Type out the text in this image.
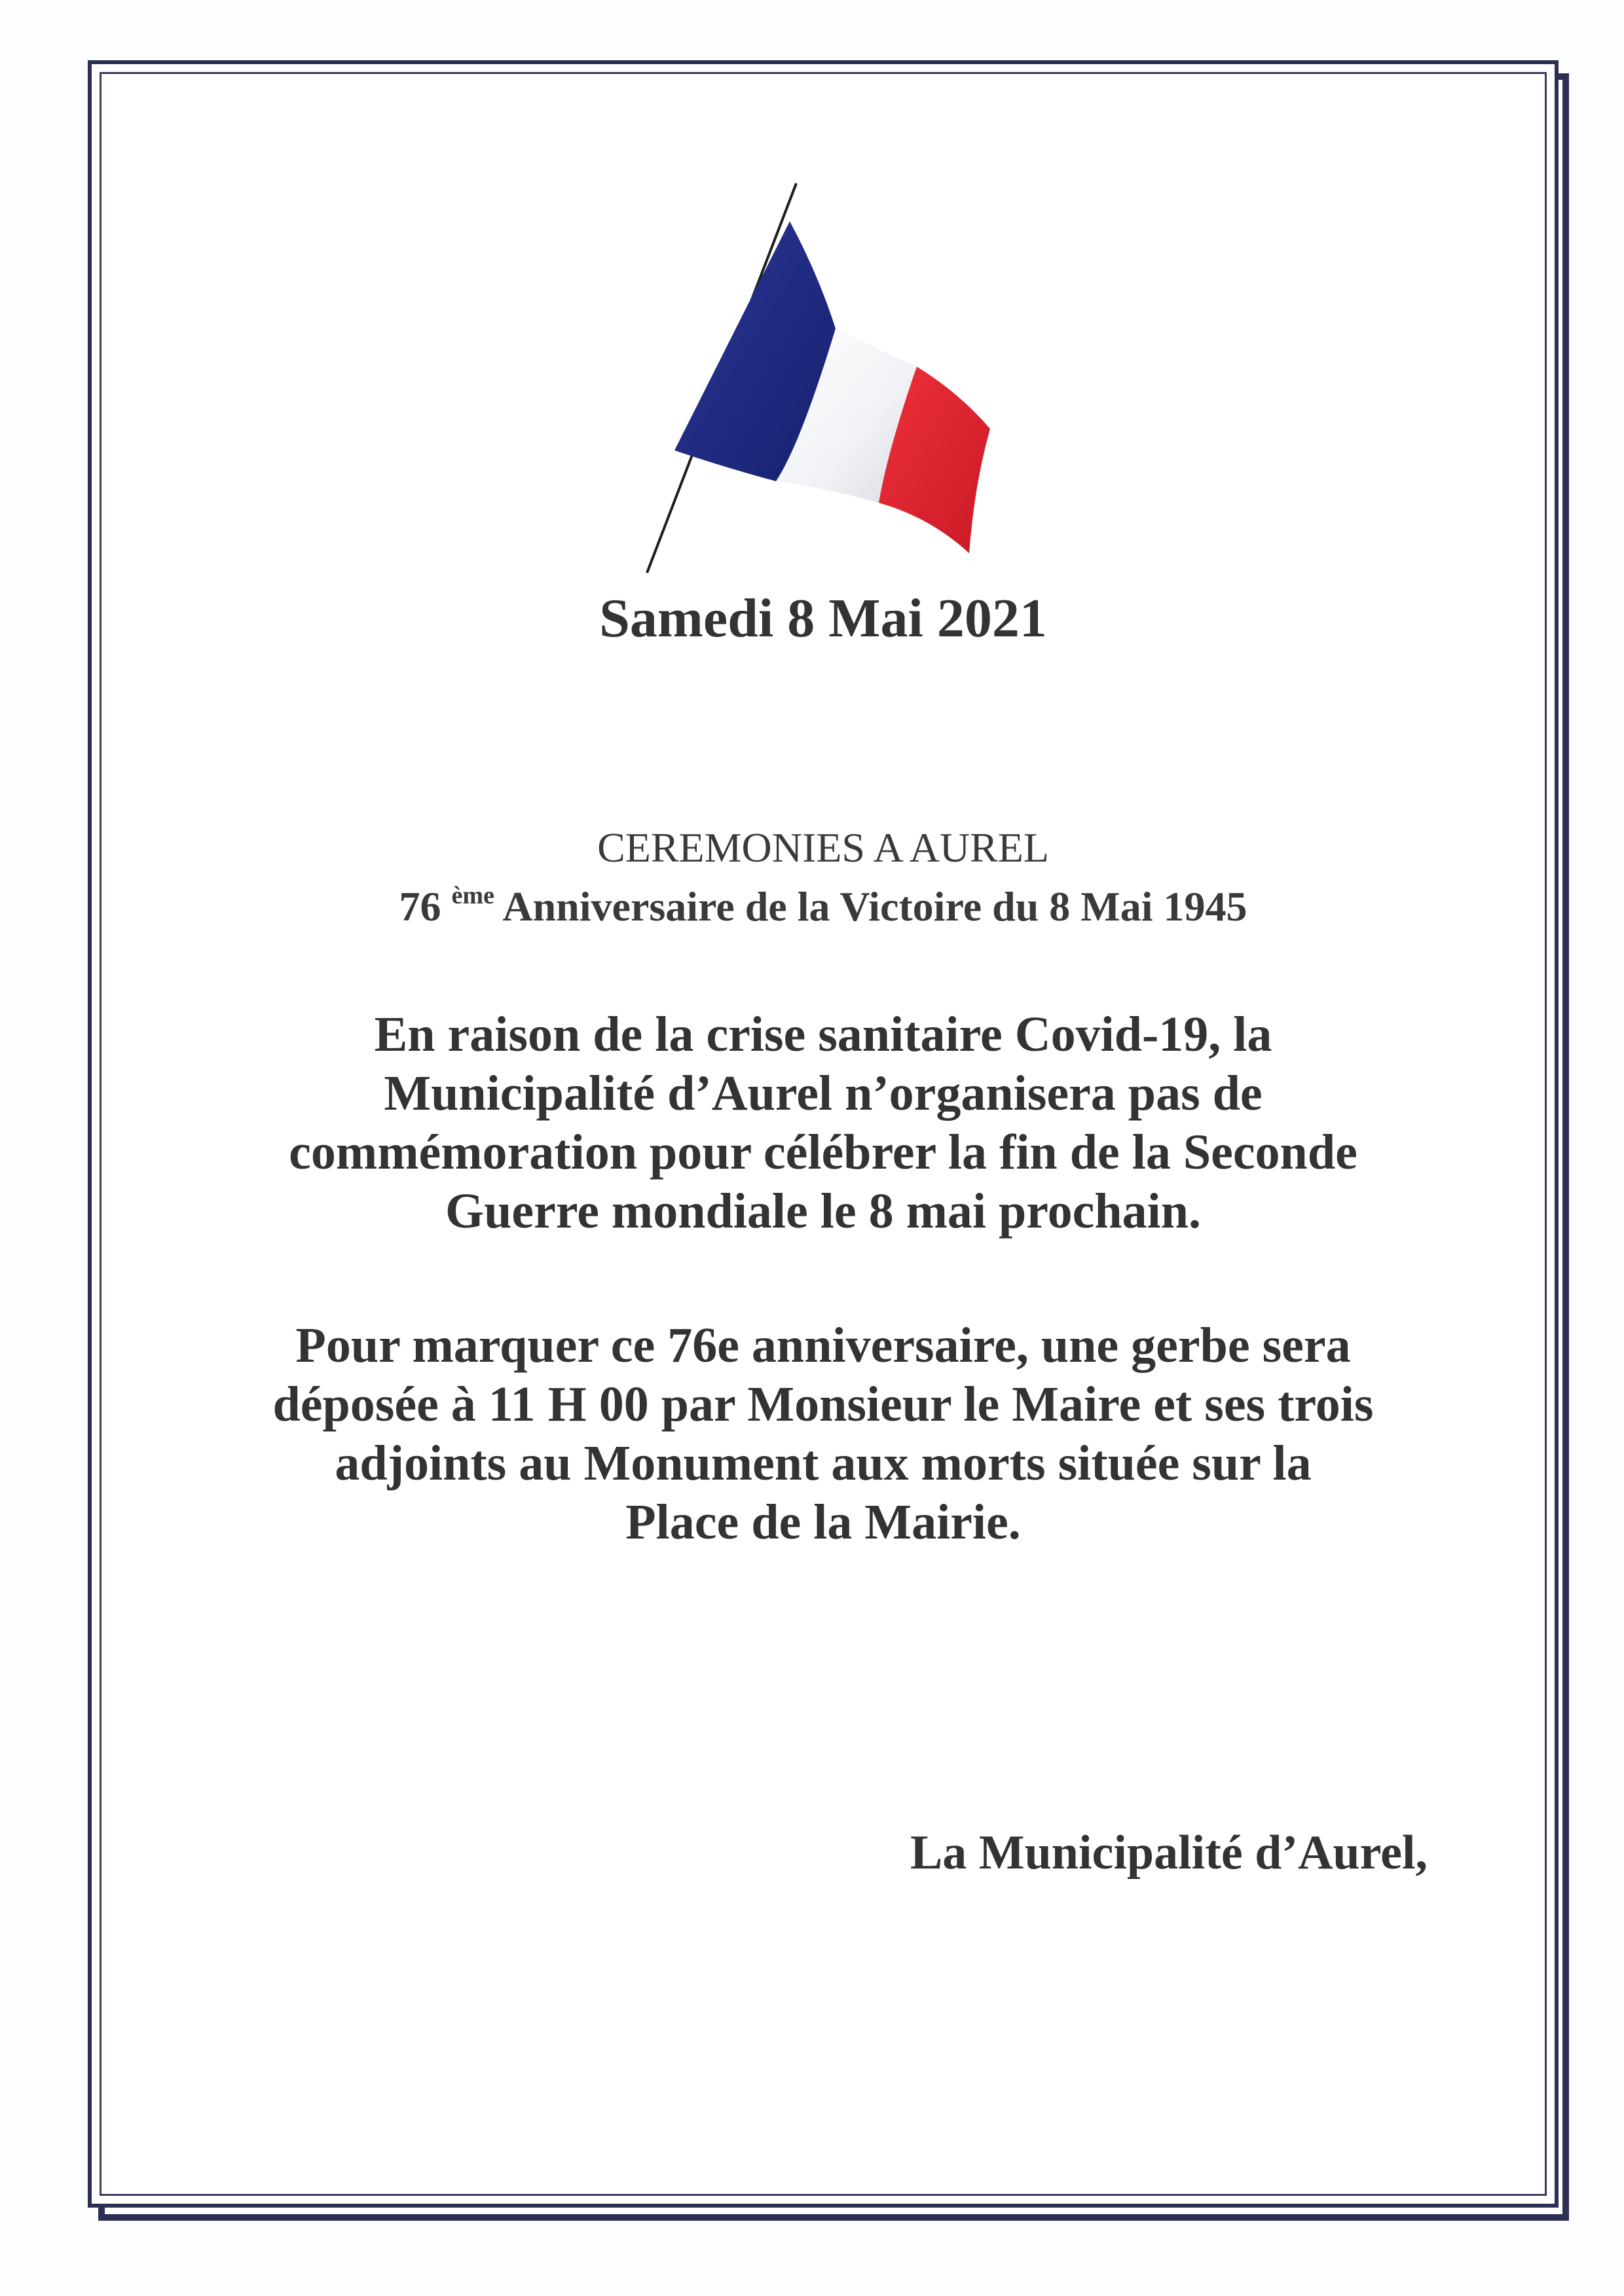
Samedi 8 Mai 2021
CEREMONIES A AUREL
76 $^{ème}$ Anniversaire de la Victoire du 8 Mai 1945
En raison de la crise sanitaire Covid-19, la
Municipalité d’Aurel n’organisera pas de
commémoration pour célébrer la fin de la Seconde
Guerre mondiale le 8 mai prochain.
Pour marquer ce 76e anniversaire, une gerbe sera
déposée à 11 H 00 par Monsieur le Maire et ses trois
adjoints au Monument aux morts située sur la
Place de la Mairie.
La Municipalité d’Aurel,
